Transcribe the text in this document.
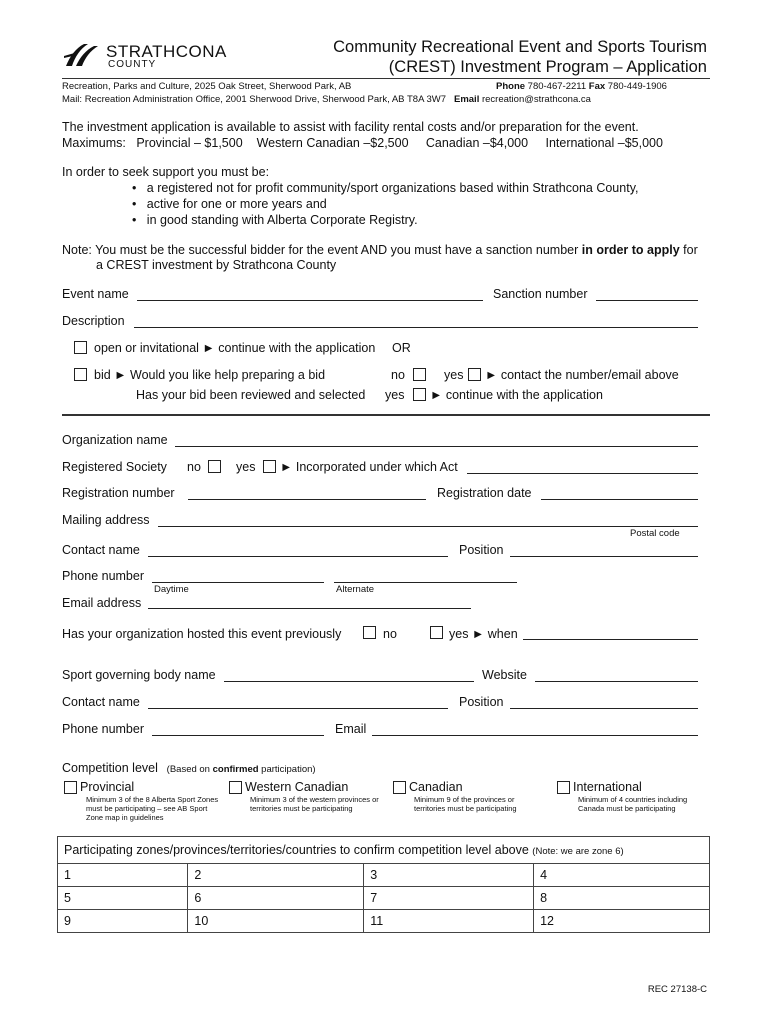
STRATHCONA
COUNTY
Community Recreational Event and Sports Tourism
(CREST) Investment Program – Application
Recreation, Parks and Culture, 2025 Oak Street, Sherwood Park, AB	Phone 780-467-2211 Fax 780-449-1906
Mail: Recreation Administration Office, 2001 Sherwood Drive, Sherwood Park, AB T8A 3W7 Email recreation@strathcona.ca
The investment application is available to assist with facility rental costs and/or preparation for the event.
Maximums: Provincial – $1,500 Western Canadian –$2,500 Canadian –$4,000 International –$5,000
In order to seek support you must be:
•   a registered not for profit community/sport organizations based within Strathcona County,
•   active for one or more years and
•   in good standing with Alberta Corporate Registry.
Note: You must be the successful bidder for the event AND you must have a sanction number in order to apply for
a CREST investment by Strathcona County
Event name	Sanction number
Description
open or invitational ► continue with the application OR
bid ► Would you like help preparing a bid	no	yes ► contact the number/email above
Has your bid been reviewed and selected yes ► continue with the application
Organization name
Registered Society no	yes ► Incorporated under which Act
Registration number	Registration date
Mailing address
Postal code
Contact name	Position
Phone number
Daytime	Alternate
Email address
Has your organization hosted this event previously	no	yes ► when
Sport governing body name	Website
Contact name	Position
Phone number	Email
Competition level (Based on confirmed participation)
Provincial
Minimum 3 of the 8 Alberta Sport Zones must be participating – see AB Sport Zone map in guidelines
Western Canadian
Minimum 3 of the western provinces or territories must be participating
Canadian
Minimum 9 of the provinces or territories must be participating
International
Minimum of 4 countries including Canada must be participating
Participating zones/provinces/territories/countries to confirm competition level above (Note: we are zone 6)			
1	2	3	4
5	6	7	8
9	10	11	12
REC 27138-C
